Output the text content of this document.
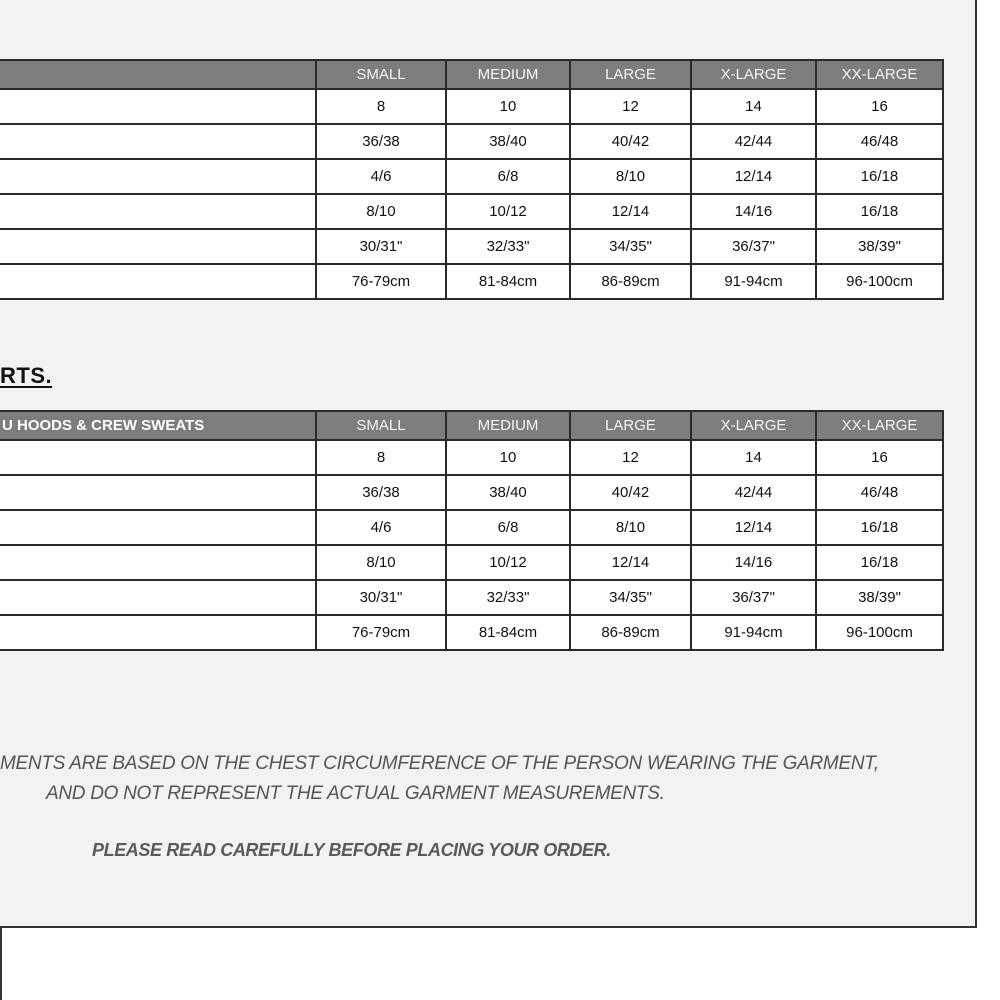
	SMALL	MEDIUM	LARGE	X-LARGE	XX-LARGE
	8	10	12	14	16
	36/38	38/40	40/42	42/44	46/48
	4/6	6/8	8/10	12/14	16/18
	8/10	10/12	12/14	14/16	16/18
	30/31"	32/33"	34/35"	36/37"	38/39"
	76-79cm	81-84cm	86-89cm	91-94cm	96-100cm
RTS.
U HOODS & CREW SWEATS	SMALL	MEDIUM	LARGE	X-LARGE	XX-LARGE
	8	10	12	14	16
	36/38	38/40	40/42	42/44	46/48
	4/6	6/8	8/10	12/14	16/18
	8/10	10/12	12/14	14/16	16/18
	30/31"	32/33"	34/35"	36/37"	38/39"
	76-79cm	81-84cm	86-89cm	91-94cm	96-100cm

MENTS ARE BASED ON THE CHEST CIRCUMFERENCE OF THE PERSON WEARING THE GARMENT,

AND DO NOT REPRESENT THE ACTUAL GARMENT MEASUREMENTS.

PLEASE READ CAREFULLY BEFORE PLACING YOUR ORDER.
